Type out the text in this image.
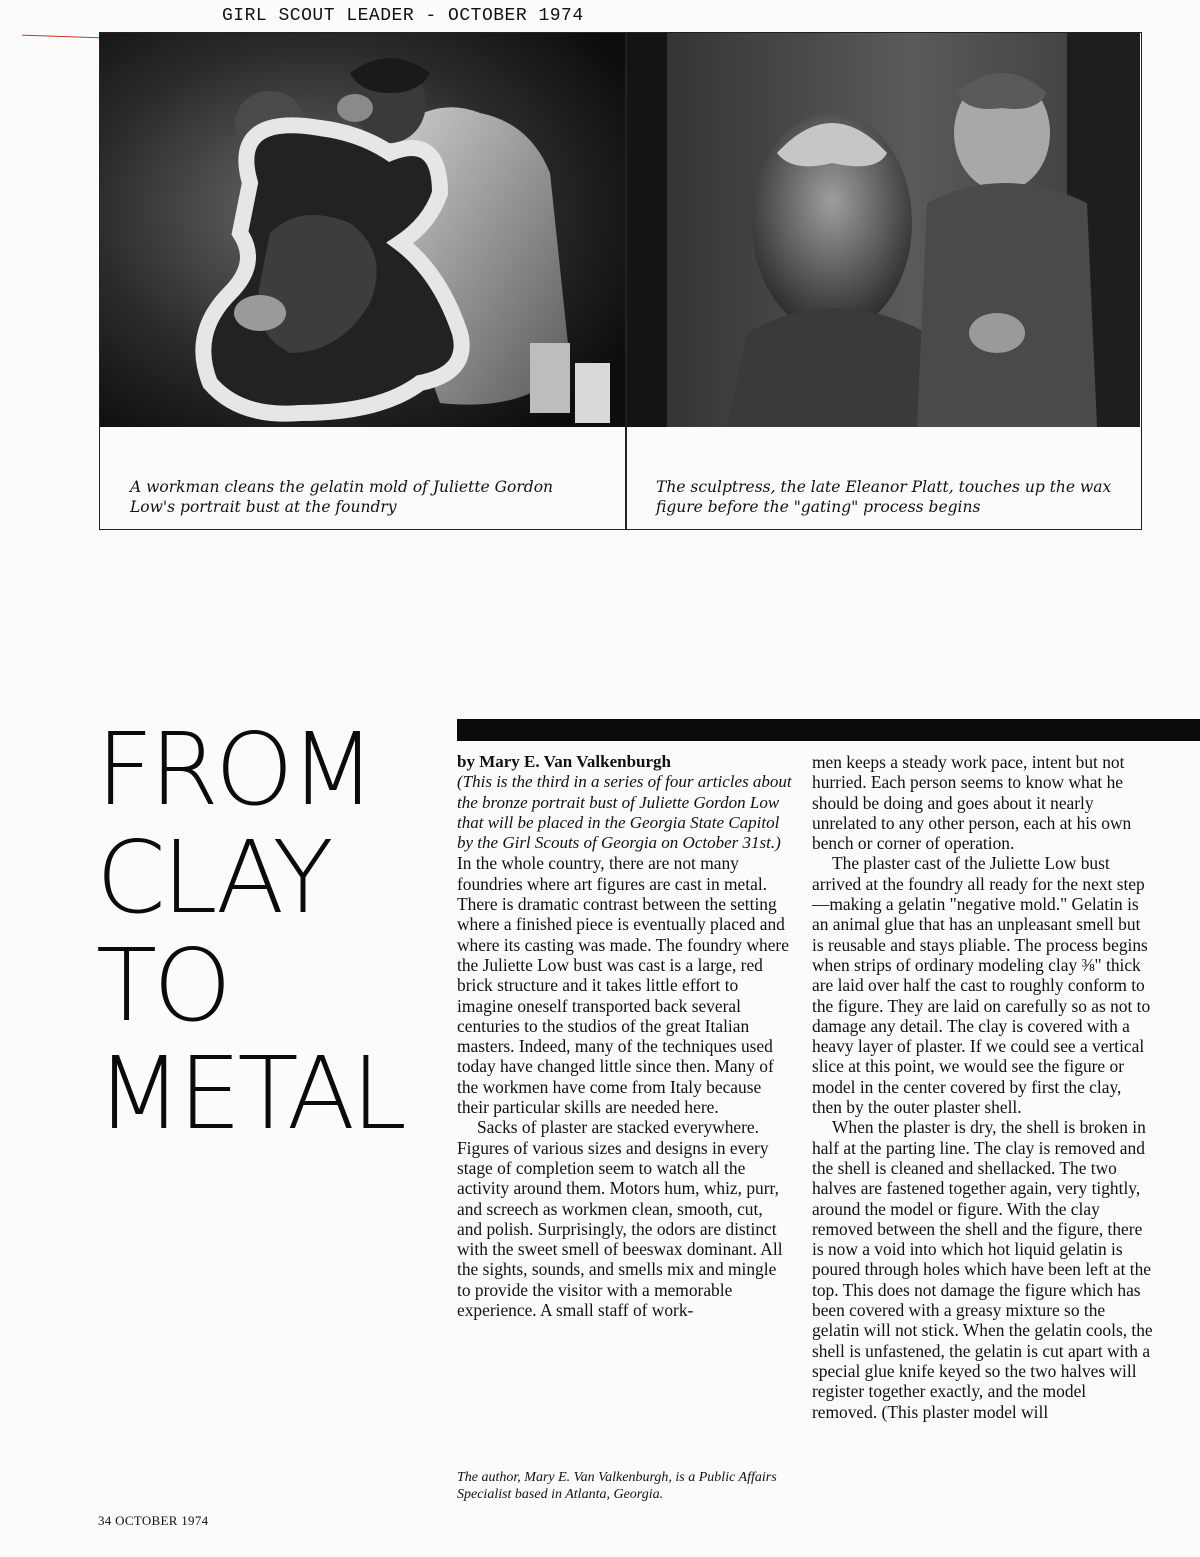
GIRL SCOUT LEADER - OCTOBER 1974
A workman cleans the gelatin mold of Juliette Gordon Low's portrait bust at the foundry
The sculptress, the late Eleanor Platt, touches up the wax figure before the "gating" process begins
FROM
CLAY
TO
METAL

by Mary E. Van Valkenburgh

(This is the third in a series of four articles about the bronze portrait bust of Juliette Gordon Low that will be placed in the Georgia State Capitol by the Girl Scouts of Georgia on October 31st.)

In the whole country, there are not many foundries where art figures are cast in metal. There is dramatic contrast between the setting where a finished piece is eventually placed and where its casting was made. The foundry where the Juliette Low bust was cast is a large, red brick structure and it takes little effort to imagine oneself transported back several centuries to the studios of the great Italian masters. Indeed, many of the techniques used today have changed little since then. Many of the workmen have come from Italy because their particular skills are needed here.

Sacks of plaster are stacked everywhere. Figures of various sizes and designs in every stage of completion seem to watch all the activity around them. Motors hum, whiz, purr, and screech as workmen clean, smooth, cut, and polish. Surprisingly, the odors are distinct with the sweet smell of beeswax dominant. All the sights, sounds, and smells mix and mingle to provide the visitor with a memorable experience. A small staff of work-

The author, Mary E. Van Valkenburgh, is a Public Affairs Specialist based in Atlanta, Georgia.

men keeps a steady work pace, intent but not hurried. Each person seems to know what he should be doing and goes about it nearly unrelated to any other person, each at his own bench or corner of operation.

The plaster cast of the Juliette Low bust arrived at the foundry all ready for the next step—making a gelatin "negative mold." Gelatin is an animal glue that has an unpleasant smell but is reusable and stays pliable. The process begins when strips of ordinary modeling clay ⅜" thick are laid over half the cast to roughly conform to the figure. They are laid on carefully so as not to damage any detail. The clay is covered with a heavy layer of plaster. If we could see a vertical slice at this point, we would see the figure or model in the center covered by first the clay, then by the outer plaster shell.

When the plaster is dry, the shell is broken in half at the parting line. The clay is removed and the shell is cleaned and shellacked. The two halves are fastened together again, very tightly, around the model or figure. With the clay removed between the shell and the figure, there is now a void into which hot liquid gelatin is poured through holes which have been left at the top. This does not damage the figure which has been covered with a greasy mixture so the gelatin will not stick. When the gelatin cools, the shell is unfastened, the gelatin is cut apart with a special glue knife keyed so the two halves will register together exactly, and the model removed. (This plaster model will

34 OCTOBER 1974
